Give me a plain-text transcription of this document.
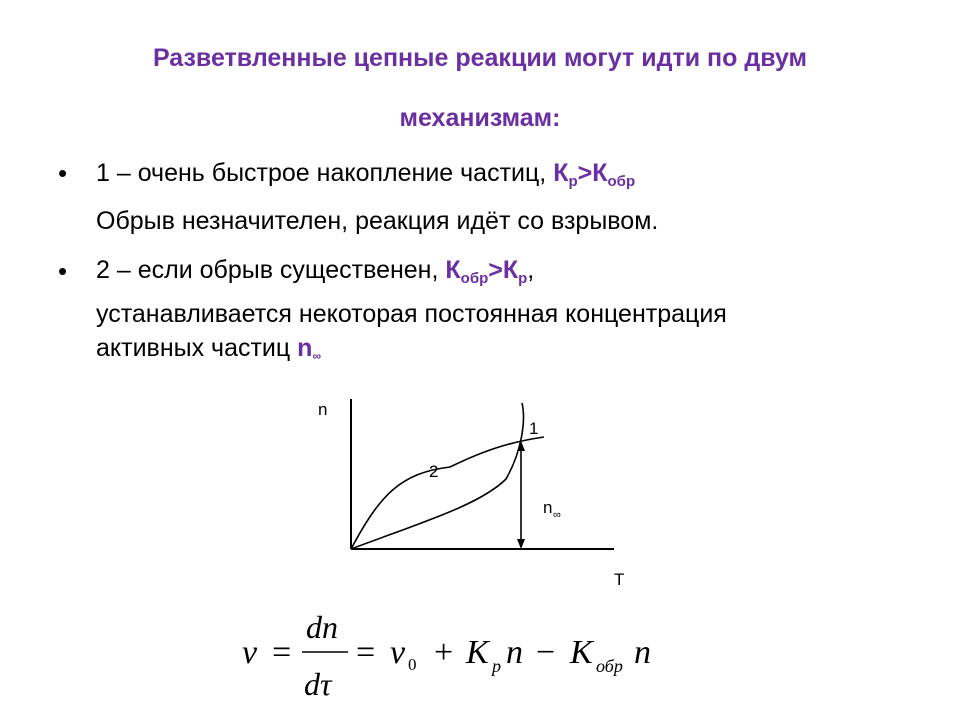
Разветвленные цепные реакции могут идти по двум
механизмам:
• 1 – очень быстрое накопление частиц, $К_р>К_{обр}$
Обрыв незначителен, реакция идёт со взрывом.
• 2 – если обрыв существенен, $К_{обр}>К_р$,
устанавливается некоторая постоянная концентрация
активных частиц n∞
n
T
1
2
n ∞
v =
dn
dτ
= v 0 + K p n − K обр n
